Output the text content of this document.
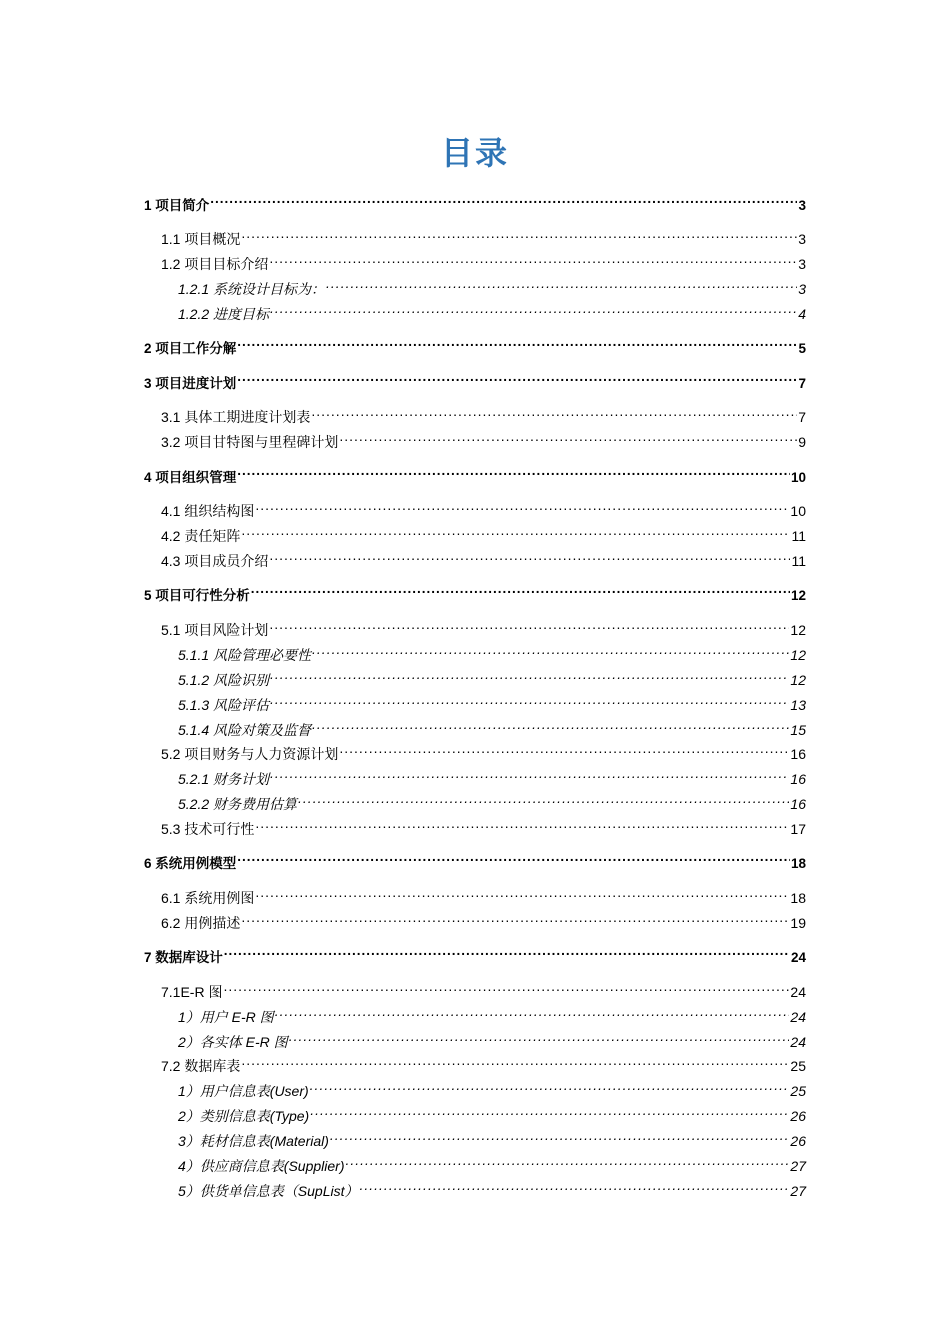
目录
1 项目简介 .....	3
1.1 项目概况 .....	3
1.2 项目目标介绍 .....	3
1.2.1 系统设计目标为： .....	3
1.2.2 进度目标 .....	4
2 项目工作分解 .....	5
3 项目进度计划 .....	7
3.1 具体工期进度计划表 .....	7
3.2 项目甘特图与里程碑计划 .....	9
4 项目组织管理 .....	10
4.1 组织结构图 .....	10
4.2 责任矩阵 .....	11
4.3 项目成员介绍 .....	11
5 项目可行性分析 .....	12
5.1 项目风险计划 .....	12
5.1.1 风险管理必要性 .....	12
5.1.2 风险识别 .....	12
5.1.3 风险评估 .....	13
5.1.4 风险对策及监督 .....	15
5.2 项目财务与人力资源计划 .....	16
5.2.1 财务计划 .....	16
5.2.2 财务费用估算 .....	16
5.3 技术可行性 .....	17
6 系统用例模型 .....	18
6.1 系统用例图 .....	18
6.2 用例描述 .....	19
7 数据库设计 .....	24
7.1E-R 图 .....	24
1）用户 E-R 图 .....	24
2）各实体 E-R 图 .....	24
7.2 数据库表 .....	25
1）用户信息表(User) .....	25
2）类别信息表(Type) .....	26
3）耗材信息表(Material) .....	26
4）供应商信息表(Supplier) .....	27
5）供货单信息表（SupList） .....	27
